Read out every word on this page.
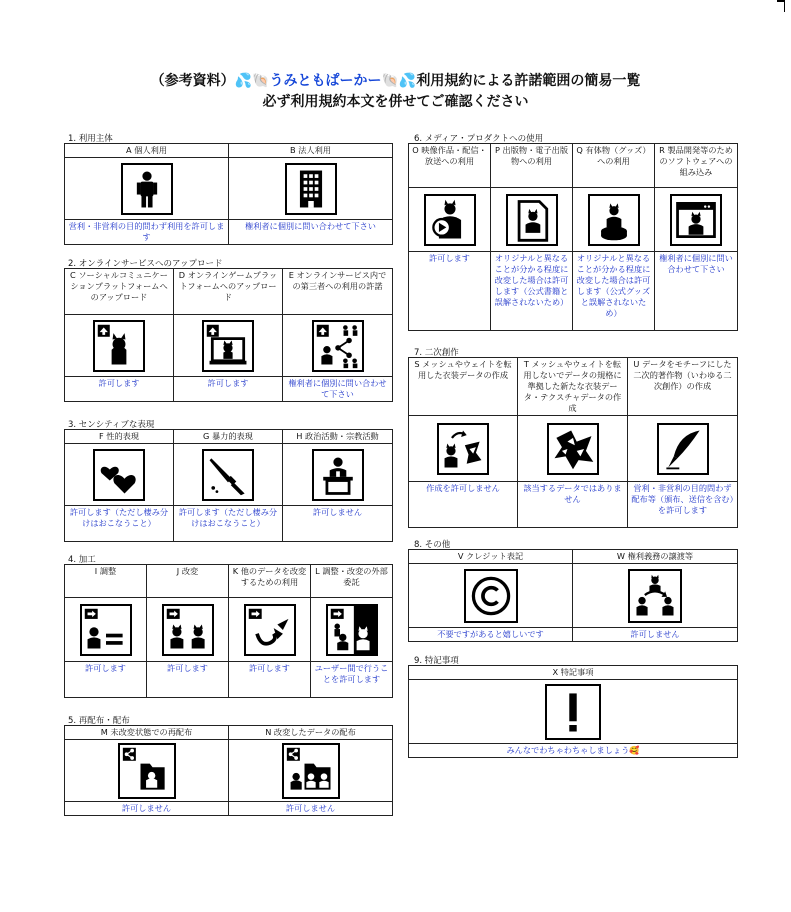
（参考資料）💦🐚うみともぱーかー🐚💦利用規約による許諾範囲の簡易一覧
必ず利用規約本文を併せてご確認ください
1. 利用主体
A 個人利用	B 法人利用

営利・非営利の目的問わず利用を許可します	権利者に個別に問い合わせて下さい
2. オンラインサービスへのアップロード
C ソーシャルコミュニケーションプラットフォームへのアップロード	D オンラインゲームプラットフォームへのアップロード	E オンラインサービス内での第三者への利用の許諾

許可します	許可します	権利者に個別に問い合わせて下さい
3. センシティブな表現
F 性的表現	G 暴力的表現	H 政治活動・宗教活動

許可します（ただし棲み分けはおこなうこと）	許可します（ただし棲み分けはおこなうこと）	許可しません
4. 加工
I 調整	J 改変	K 他のデータを改変するための利用	L 調整・改変の外部委託

許可します	許可します	許可します	ユーザー間で行うことを許可します
5. 再配布・配布
M 未改変状態での再配布	N 改変したデータの配布

許可しません	許可しません
6. メディア・プロダクトへの使用
O 映像作品・配信・放送への利用	P 出版物・電子出版物への利用	Q 有体物（グッズ）への利用	R 製品開発等のためのソフトウェアへの組み込み

許可します	オリジナルと異なることが分かる程度に改変した場合は許可します（公式書籍と誤解されないため）	オリジナルと異なることが分かる程度に改変した場合は許可します（公式グッズと誤解されないため）	権利者に個別に問い合わせて下さい
7. 二次創作
S メッシュやウェイトを転用した衣装データの作成	T メッシュやウェイトを転用しないでデータの規格に準拠した新たな衣装データ・テクスチャデータの作成	U データをモチーフにした二次的著作物（いわゆる二次創作）の作成

作成を許可しません	該当するデータではありません	営利・非営利の目的問わず配布等（頒布、送信を含む）を許可します
8. その他
V クレジット表記	W 権利義務の譲渡等

不要ですがあると嬉しいです	許可しません
9. 特記事項
X 特記事項

みんなでわちゃわちゃしましょう🥰
